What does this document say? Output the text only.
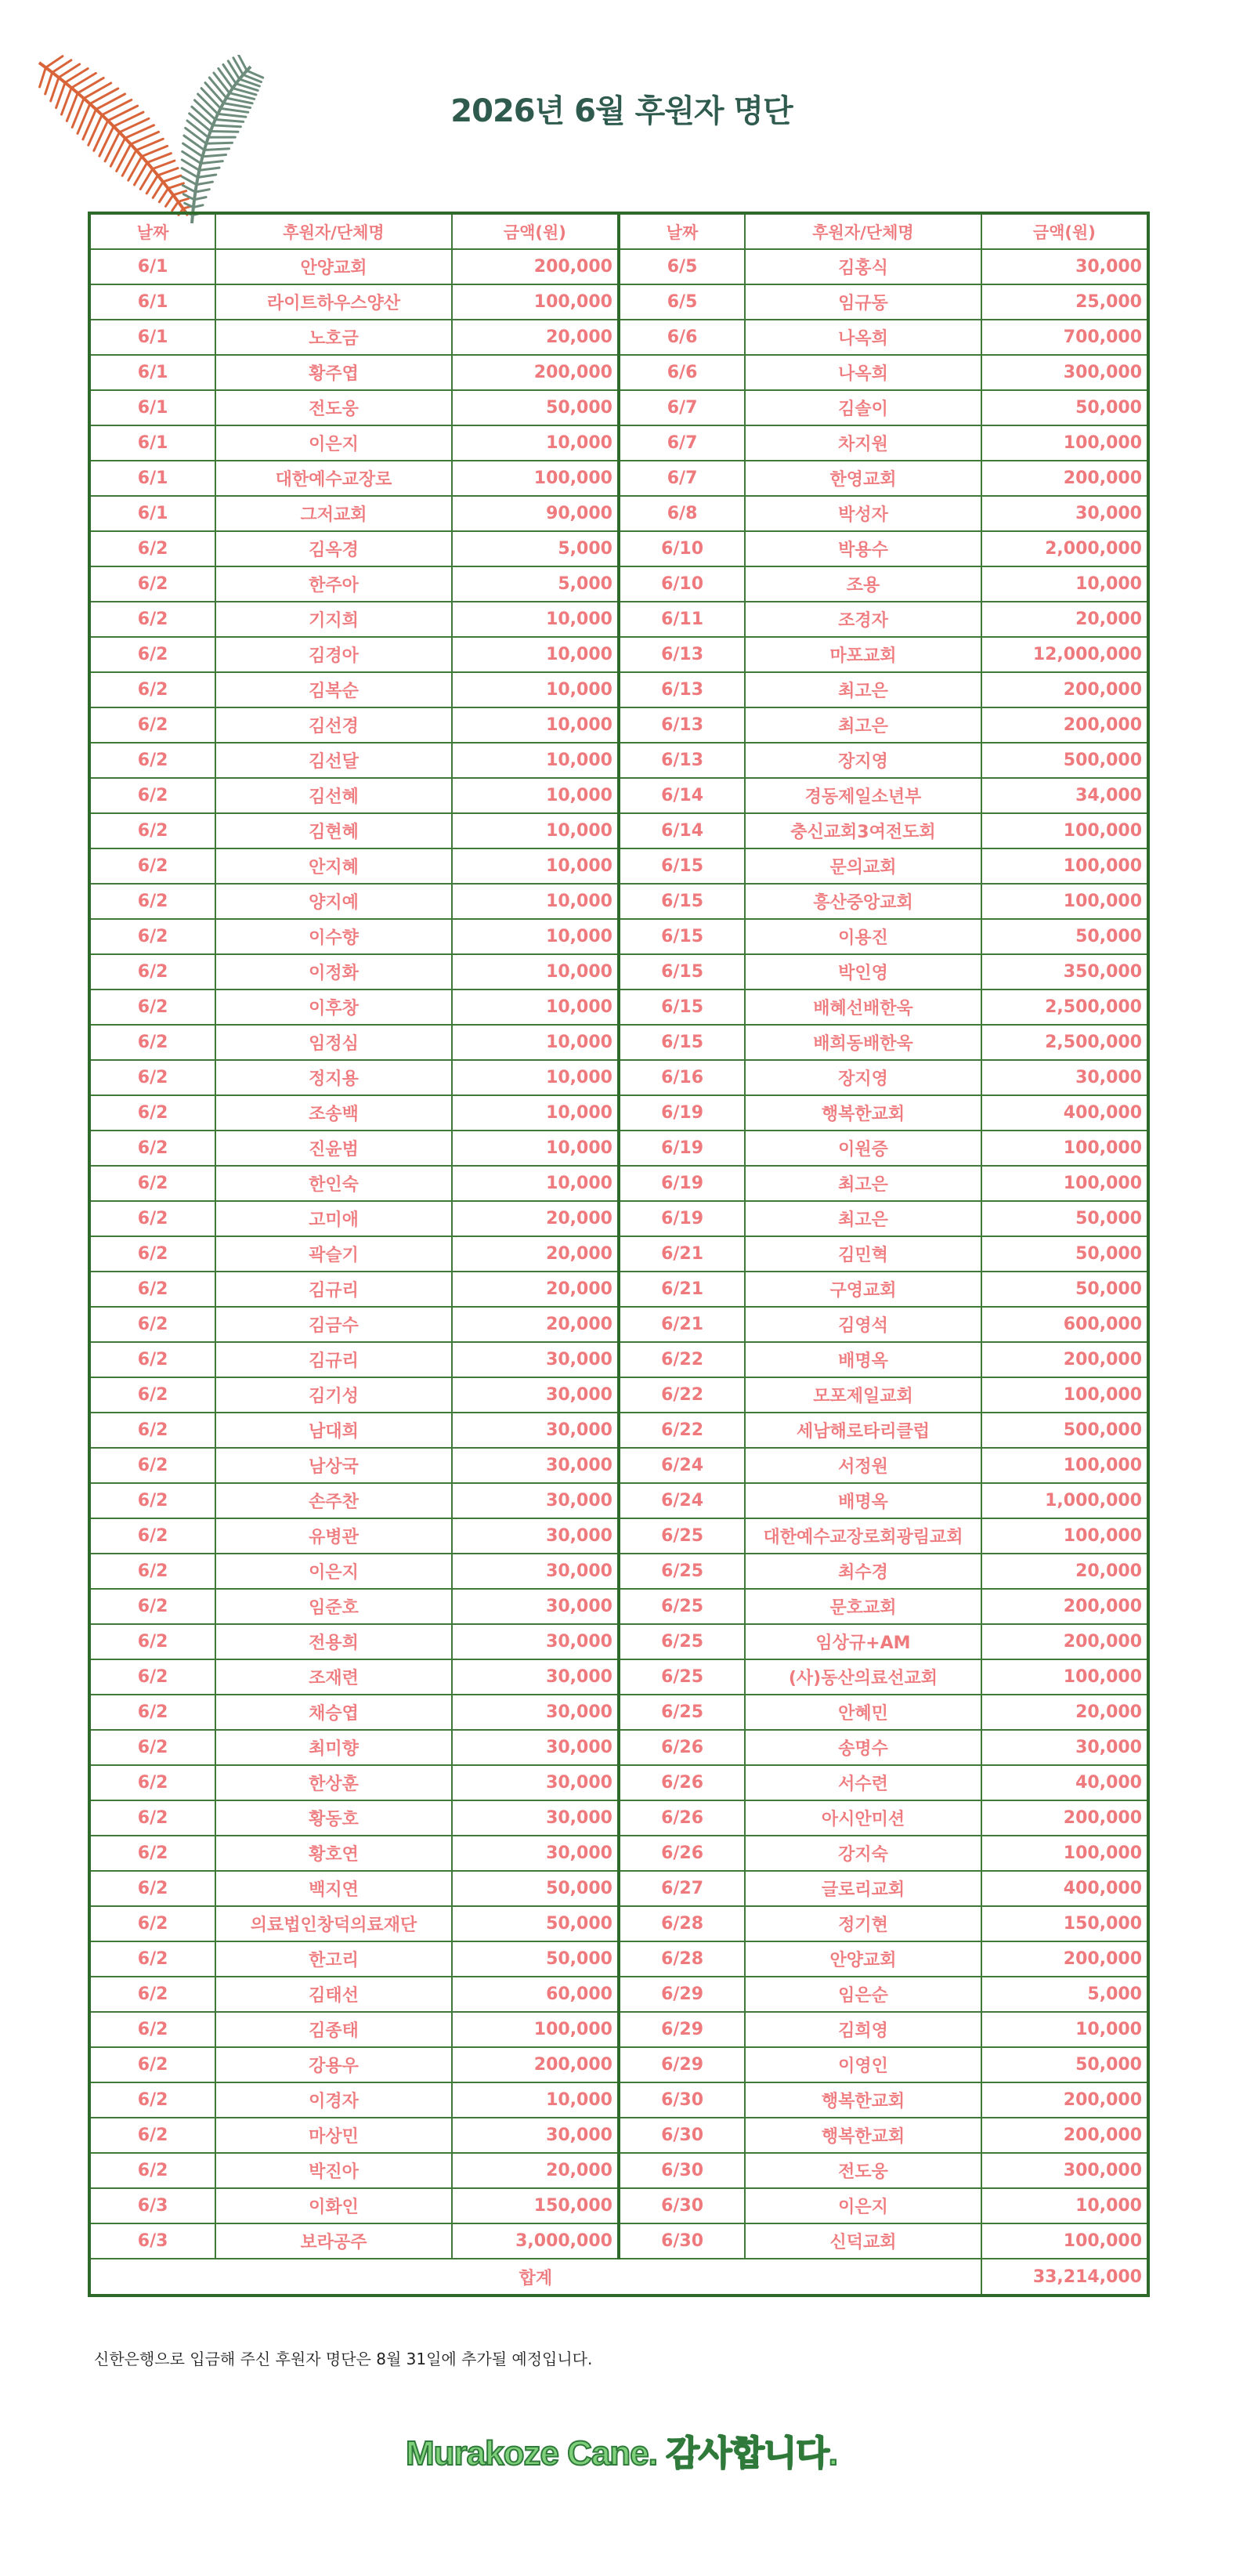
2026년 6월 후원자 명단
날짜	후원자/단체명	금액(원)	날짜	후원자/단체명	금액(원)
6/1	안양교회	200,000	6/5	김홍식	30,000
6/1	라이트하우스양산	100,000	6/5	임규동	25,000
6/1	노호금	20,000	6/6	나옥희	700,000
6/1	황주엽	200,000	6/6	나옥희	300,000
6/1	전도웅	50,000	6/7	김솔이	50,000
6/1	이은지	10,000	6/7	차지원	100,000
6/1	대한예수교장로	100,000	6/7	한영교회	200,000
6/1	그저교회	90,000	6/8	박성자	30,000
6/2	김옥경	5,000	6/10	박용수	2,000,000
6/2	한주아	5,000	6/10	조용	10,000
6/2	기지희	10,000	6/11	조경자	20,000
6/2	김경아	10,000	6/13	마포교회	12,000,000
6/2	김복순	10,000	6/13	최고은	200,000
6/2	김선경	10,000	6/13	최고은	200,000
6/2	김선달	10,000	6/13	장지영	500,000
6/2	김선혜	10,000	6/14	경동제일소년부	34,000
6/2	김현혜	10,000	6/14	충신교회3여전도회	100,000
6/2	안지혜	10,000	6/15	문의교회	100,000
6/2	양지예	10,000	6/15	흥산중앙교회	100,000
6/2	이수향	10,000	6/15	이용진	50,000
6/2	이정화	10,000	6/15	박인영	350,000
6/2	이후창	10,000	6/15	배혜선배한욱	2,500,000
6/2	임정심	10,000	6/15	배희동배한욱	2,500,000
6/2	정지용	10,000	6/16	장지영	30,000
6/2	조송백	10,000	6/19	행복한교회	400,000
6/2	진윤범	10,000	6/19	이원증	100,000
6/2	한인숙	10,000	6/19	최고은	100,000
6/2	고미애	20,000	6/19	최고은	50,000
6/2	곽슬기	20,000	6/21	김민혁	50,000
6/2	김규리	20,000	6/21	구영교회	50,000
6/2	김금수	20,000	6/21	김영석	600,000
6/2	김규리	30,000	6/22	배명옥	200,000
6/2	김기성	30,000	6/22	모포제일교회	100,000
6/2	남대희	30,000	6/22	세남해로타리클럽	500,000
6/2	남상국	30,000	6/24	서정원	100,000
6/2	손주찬	30,000	6/24	배명옥	1,000,000
6/2	유병관	30,000	6/25	대한예수교장로회광림교회	100,000
6/2	이은지	30,000	6/25	최수경	20,000
6/2	임준호	30,000	6/25	문호교회	200,000
6/2	전용희	30,000	6/25	임상규+AM	200,000
6/2	조재련	30,000	6/25	(사)동산의료선교회	100,000
6/2	채승엽	30,000	6/25	안혜민	20,000
6/2	최미향	30,000	6/26	송명수	30,000
6/2	한상훈	30,000	6/26	서수련	40,000
6/2	황동호	30,000	6/26	아시안미션	200,000
6/2	황호연	30,000	6/26	강지숙	100,000
6/2	백지연	50,000	6/27	글로리교회	400,000
6/2	의료법인창덕의료재단	50,000	6/28	정기현	150,000
6/2	한고리	50,000	6/28	안양교회	200,000
6/2	김태선	60,000	6/29	임은순	5,000
6/2	김종태	100,000	6/29	김희영	10,000
6/2	강용우	200,000	6/29	이영인	50,000
6/2	이경자	10,000	6/30	행복한교회	200,000
6/2	마상민	30,000	6/30	행복한교회	200,000
6/2	박진아	20,000	6/30	전도웅	300,000
6/3	이화인	150,000	6/30	이은지	10,000
6/3	보라공주	3,000,000	6/30	신덕교회	100,000
합계					33,214,000
신한은행으로 입금해 주신 후원자 명단은 8월 31일에 추가될 예정입니다.
Murakoze Cane. 감사합니다.
